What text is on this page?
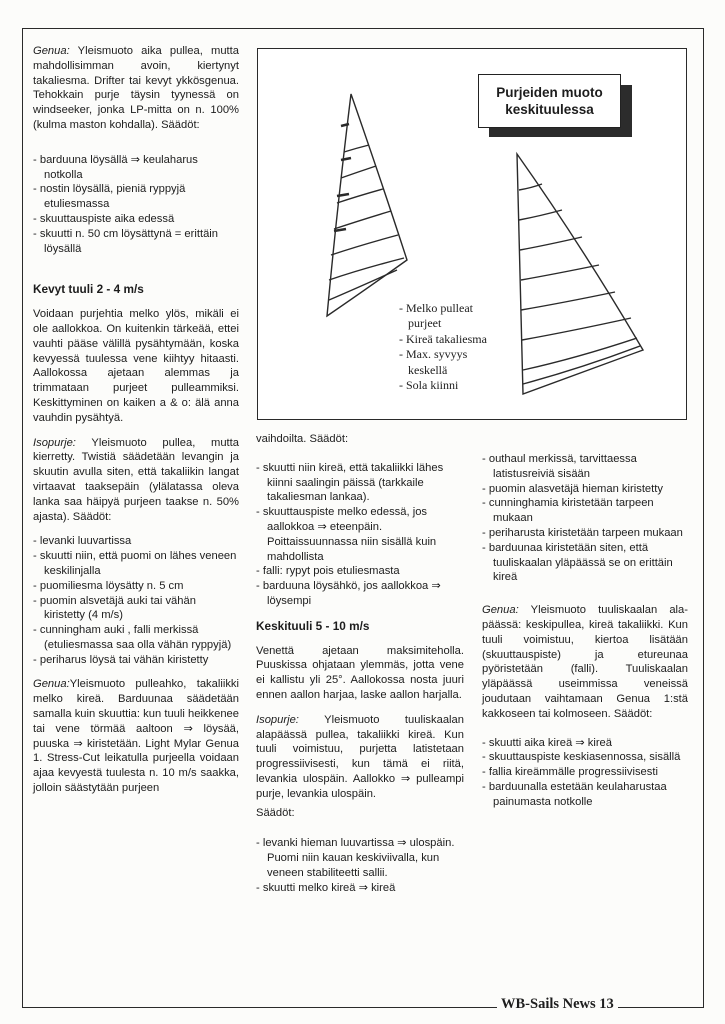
Genua: Yleismuoto aika pullea, mutta mahdollisimman avoin, kiertynyt takaliesma. Drifter tai kevyt ykkösgenua. Tehokkain purje täysin tyynessä on windseeker, jonka LP-mitta on n. 100% (kulma maston kohdalla). Säädöt:

- barduuna löysällä ⇒ keulaharus notkolla
- nostin löysällä, pieniä ryppyjä etuliesmassa
- skuuttauspiste aika edessä
- skuutti n. 50 cm löysättynä = erittäin löysällä
Kevyt tuuli 2 - 4 m/s

Voidaan purjehtia melko ylös, mikäli ei ole aallokkoa. On kuitenkin tärkeää, ettei vauhti pääse välillä pysähtymään, koska kevyessä tuulessa vene kiihtyy hitaasti. Aallokossa ajetaan alemmas ja trimmataan purjeet pulleammiksi. Keskittyminen on kaiken a & o: älä anna vauhdin pysähtyä.

Isopurje: Yleismuoto pullea, mutta kierretty. Twistiä säädetään levangin ja skuutin avulla siten, että takaliikin langat virtaavat taaksepäin (ylälatassa oleva lanka saa häipyä purjeen taakse n. 50% ajasta). Säädöt:

- levanki luuvartissa
- skuutti niin, että puomi on lähes veneen keskilinjalla
- puomiliesma löysätty n. 5 cm
- puomin alsvetäjä auki tai vähän kiristetty (4 m/s)
- cunningham auki , falli merkissä (etuliesmassa saa olla vähän ryppyjä)
- periharus löysä tai vähän kiristetty

Genua:Yleismuoto pulleahko, takaliikki melko kireä. Barduunaa säädetään samalla kuin skuuttia: kun tuuli heikkenee tai vene törmää aaltoon ⇒ löysää, puuska ⇒ kiristetään. Light Mylar Genua 1. Stress-Cut leikatulla purjeella voidaan ajaa kevyestä tuulesta n. 10 m/s saakka, jolloin säästytään purjeen

Purjeiden muoto
keskituulessa
- Melko pulleat purjeet
- Kireä takaliesma
- Max. syvyys keskellä
- Sola kiinni

vaihdoilta. Säädöt:

- skuutti niin kireä, että takaliikki lähes kiinni saalingin päissä (tarkkaile takaliesman lankaa).
- skuuttauspiste melko edessä, jos aallokkoa ⇒ eteenpäin. Poittaissuunnassa niin sisällä kuin mahdollista
- falli: rypyt pois etuliesmasta
- barduuna löysähkö, jos aallokkoa ⇒ löysempi
Keskituuli 5 - 10 m/s

Venettä ajetaan maksimiteholla. Puuskissa ohjataan ylemmäs, jotta vene ei kallistu yli 25°. Aallokossa nosta juuri ennen aallon harjaa, laske aallon harjalla.

Isopurje: Yleismuoto tuuliskaalan alapäässä pullea, takaliikki kireä. Kun tuuli voimistuu, purjetta latistetaan progressiivisesti, kun tämä ei riitä, levankia ulospäin. Aallokko ⇒ pulleampi purje, levankia ulospäin.

Säädöt:

- levanki hieman luuvartissa ⇒ ulospäin. Puomi niin kauan keskiviivalla, kun veneen stabiliteetti sallii.
- skuutti melko kireä ⇒ kireä
- outhaul merkissä, tarvittaessa latistusreiviä sisään
- puomin alasvetäjä hieman kiristetty
- cunninghamia kiristetään tarpeen mukaan
- periharusta kiristetään tarpeen mukaan
- barduunaa kiristetään siten, että tuuliskaalan yläpäässä se on erittäin kireä

Genua: Yleismuoto tuuliskaalan ala-päässä: keskipullea, kireä takaliikki. Kun tuuli voimistuu, kiertoa lisätään (skuuttauspiste) ja etureunaa pyöristetään (falli). Tuuliskaalan yläpäässä useimmissa veneissä joudutaan vaihtamaan Genua 1:stä kakkoseen tai kolmoseen. Säädöt:

- skuutti aika kireä ⇒ kireä
- skuuttauspiste keskiasennossa, sisällä
- fallia kireämmälle progressiivisesti
- barduunalla estetään keulaharustaa painumasta notkolle
WB-Sails News 13
